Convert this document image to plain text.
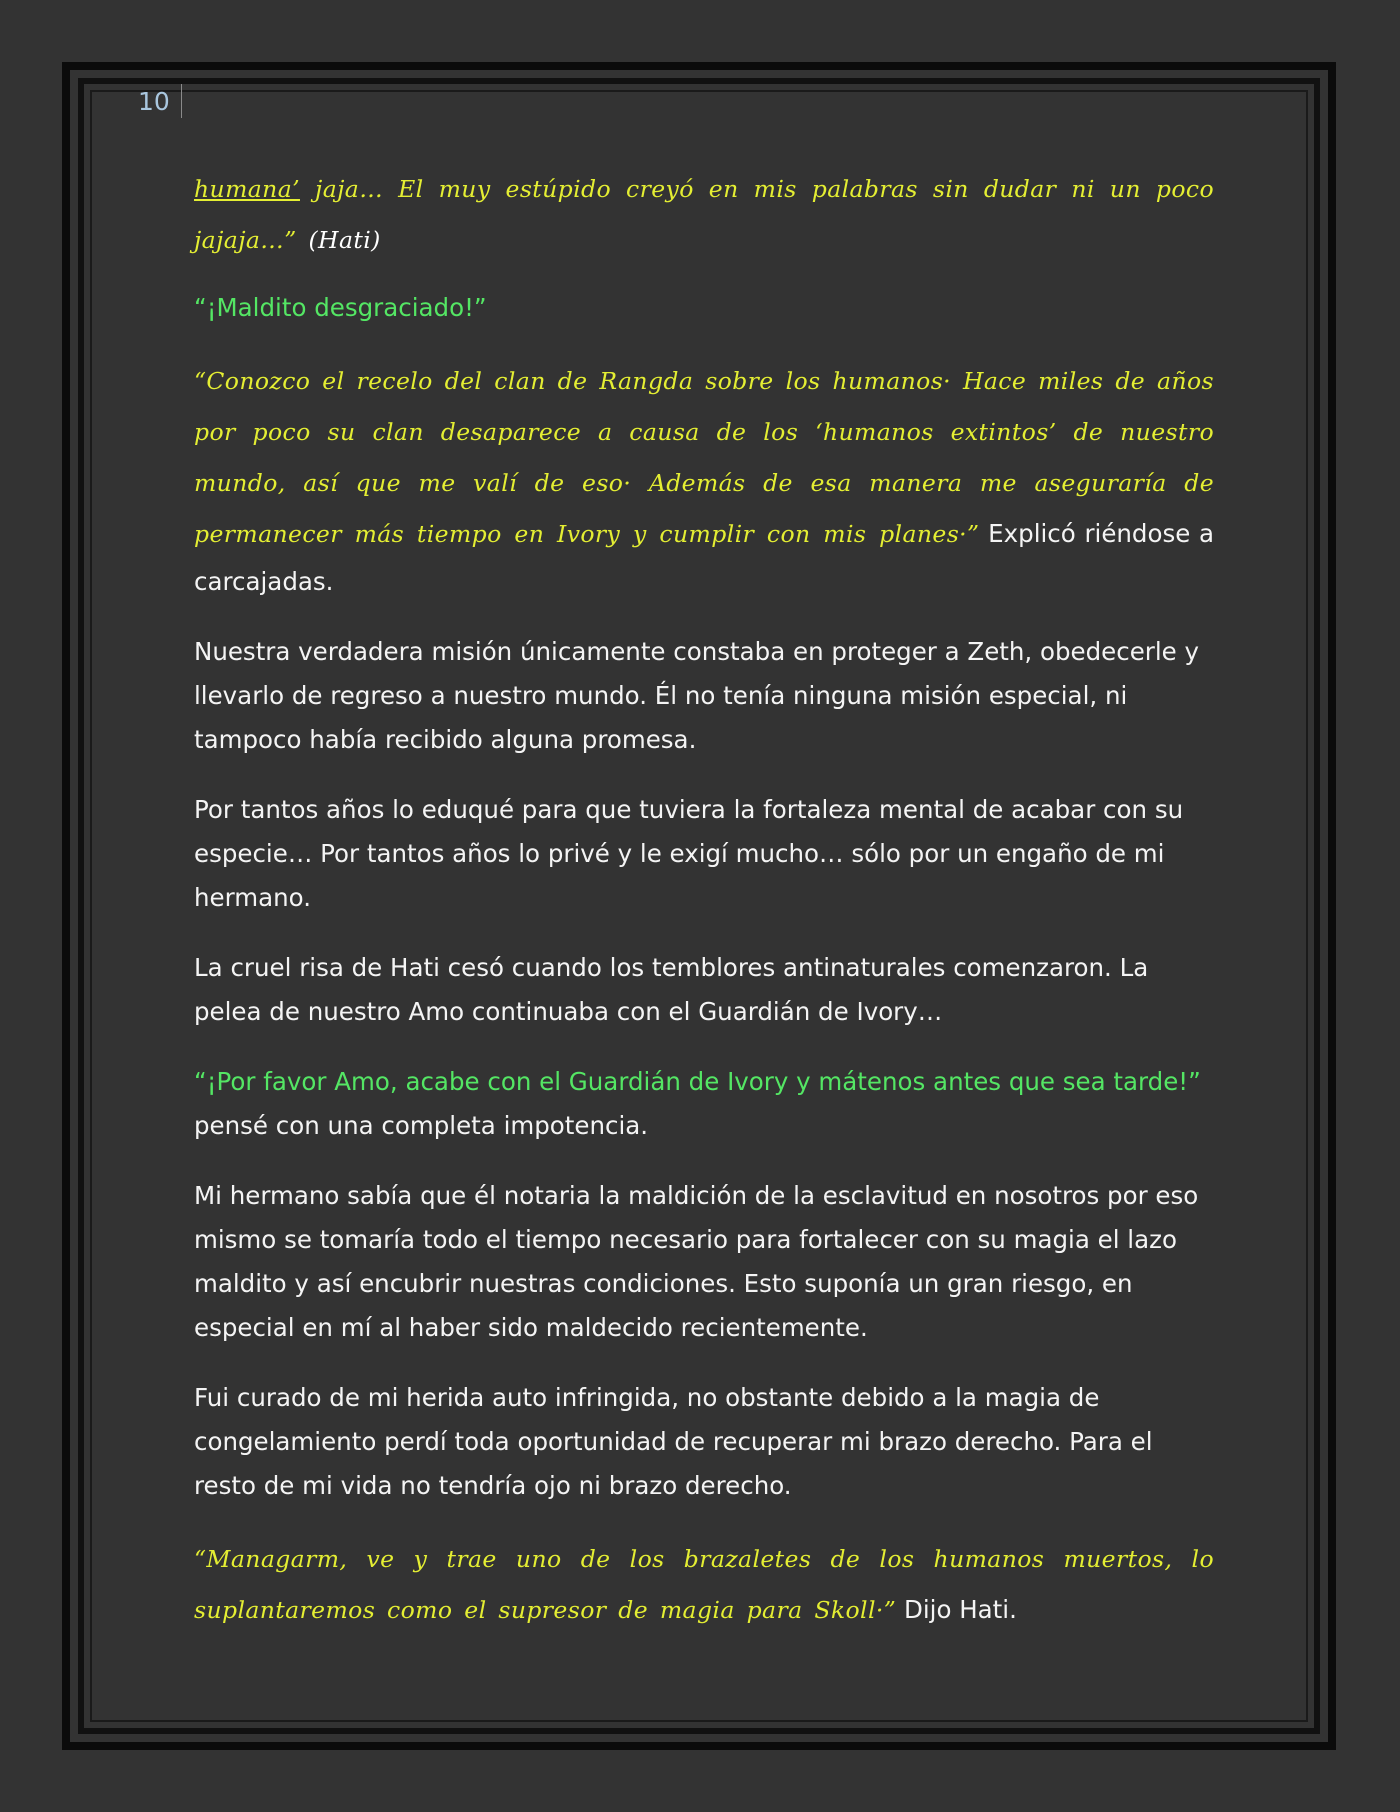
10

humana’ jaja… El muy estúpido creyó en mis palabras sin dudar ni un poco jajaja…” (Hati)

“¡Maldito desgraciado!”

“Conozco el recelo del clan de Rangda sobre los humanos· Hace miles de años por poco su clan desaparece a causa de los ‘humanos extintos’ de nuestro mundo, así que me valí de eso· Además de esa manera me aseguraría de permanecer más tiempo en Ivory y cumplir con mis planes·” Explicó riéndose a carcajadas.

Nuestra verdadera misión únicamente constaba en proteger a Zeth, obedecerle y llevarlo de regreso a nuestro mundo. Él no tenía ninguna misión especial, ni tampoco había recibido alguna promesa.

Por tantos años lo eduqué para que tuviera la fortaleza mental de acabar con su especie… Por tantos años lo privé y le exigí mucho… sólo por un engaño de mi hermano.

La cruel risa de Hati cesó cuando los temblores antinaturales comenzaron. La pelea de nuestro Amo continuaba con el Guardián de Ivory…

“¡Por favor Amo, acabe con el Guardián de Ivory y mátenos antes que sea tarde!” pensé con una completa impotencia.

Mi hermano sabía que él notaria la maldición de la esclavitud en nosotros por eso mismo se tomaría todo el tiempo necesario para fortalecer con su magia el lazo maldito y así encubrir nuestras condiciones. Esto suponía un gran riesgo, en especial en mí al haber sido maldecido recientemente.

Fui curado de mi herida auto infringida, no obstante debido a la magia de congelamiento perdí toda oportunidad de recuperar mi brazo derecho. Para el resto de mi vida no tendría ojo ni brazo derecho.

“Managarm, ve y trae uno de los brazaletes de los humanos muertos, lo suplantaremos como el supresor de magia para Skoll·” Dijo Hati.
